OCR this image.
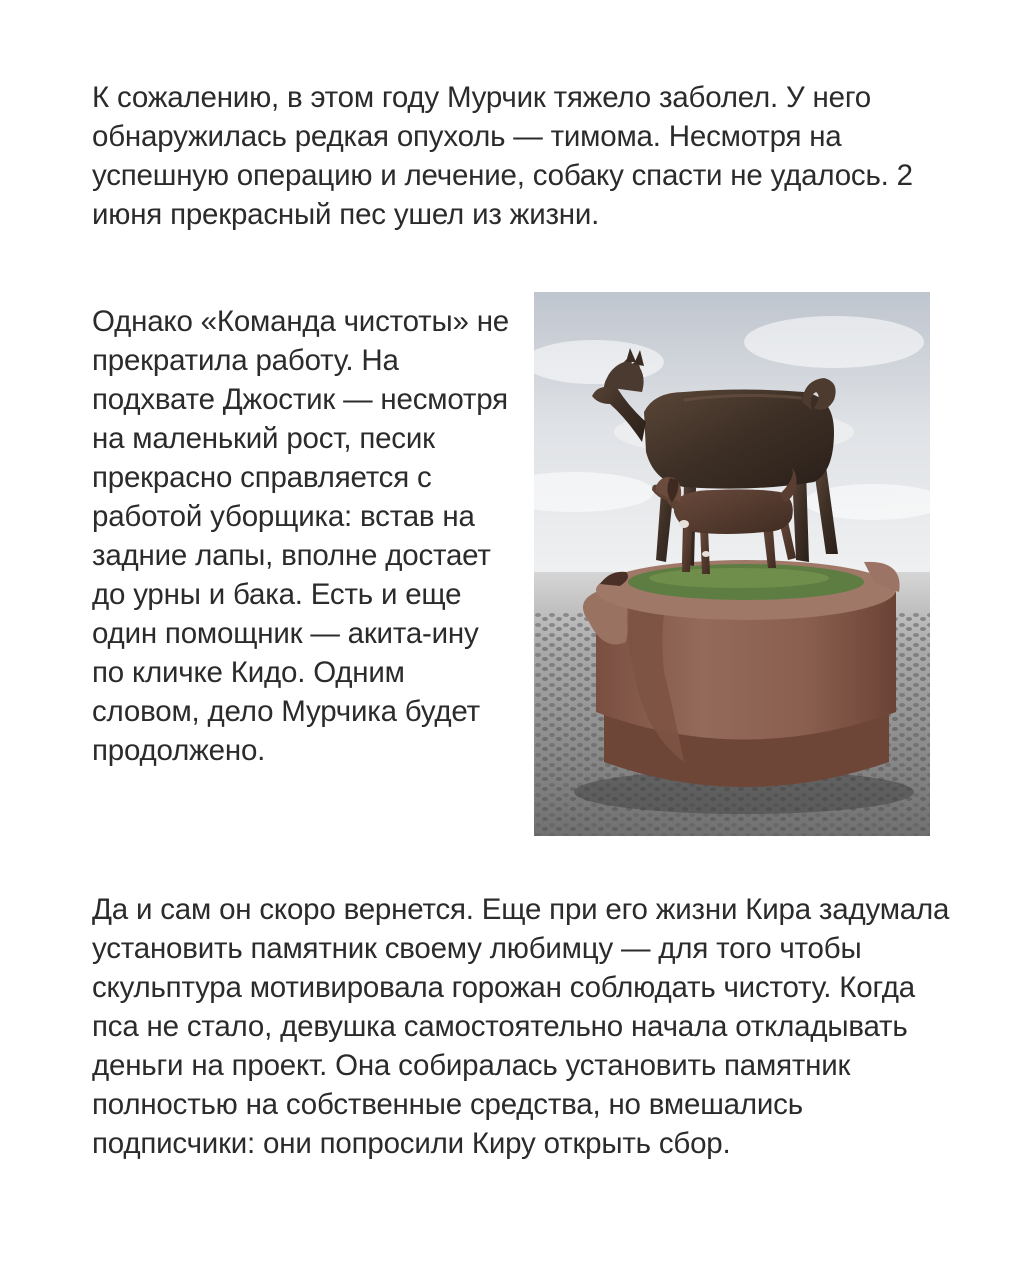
К сожалению, в этом году Мурчик тяжело заболел. У него обнаружилась редкая опухоль — тимома. Несмотря на успешную операцию и лечение, собаку спасти не удалось. 2 июня прекрасный пес ушел из жизни.

Однако «Команда чистоты» не прекратила работу. На подхвате Джостик — несмотря на маленький рост, песик прекрасно справляется с работой уборщика: встав на задние лапы, вполне достает до урны и бака. Есть и еще один помощник — акита-ину по кличке Кидо. Одним словом, дело Мурчика будет продолжено.

Да и сам он скоро вернется. Еще при его жизни Кира задумала установить памятник своему любимцу — для того чтобы скульптура мотивировала горожан соблюдать чистоту. Когда пса не стало, девушка самостоятельно начала откладывать деньги на проект. Она собиралась установить памятник полностью на собственные средства, но вмешались подписчики: они попросили Киру открыть сбор.
